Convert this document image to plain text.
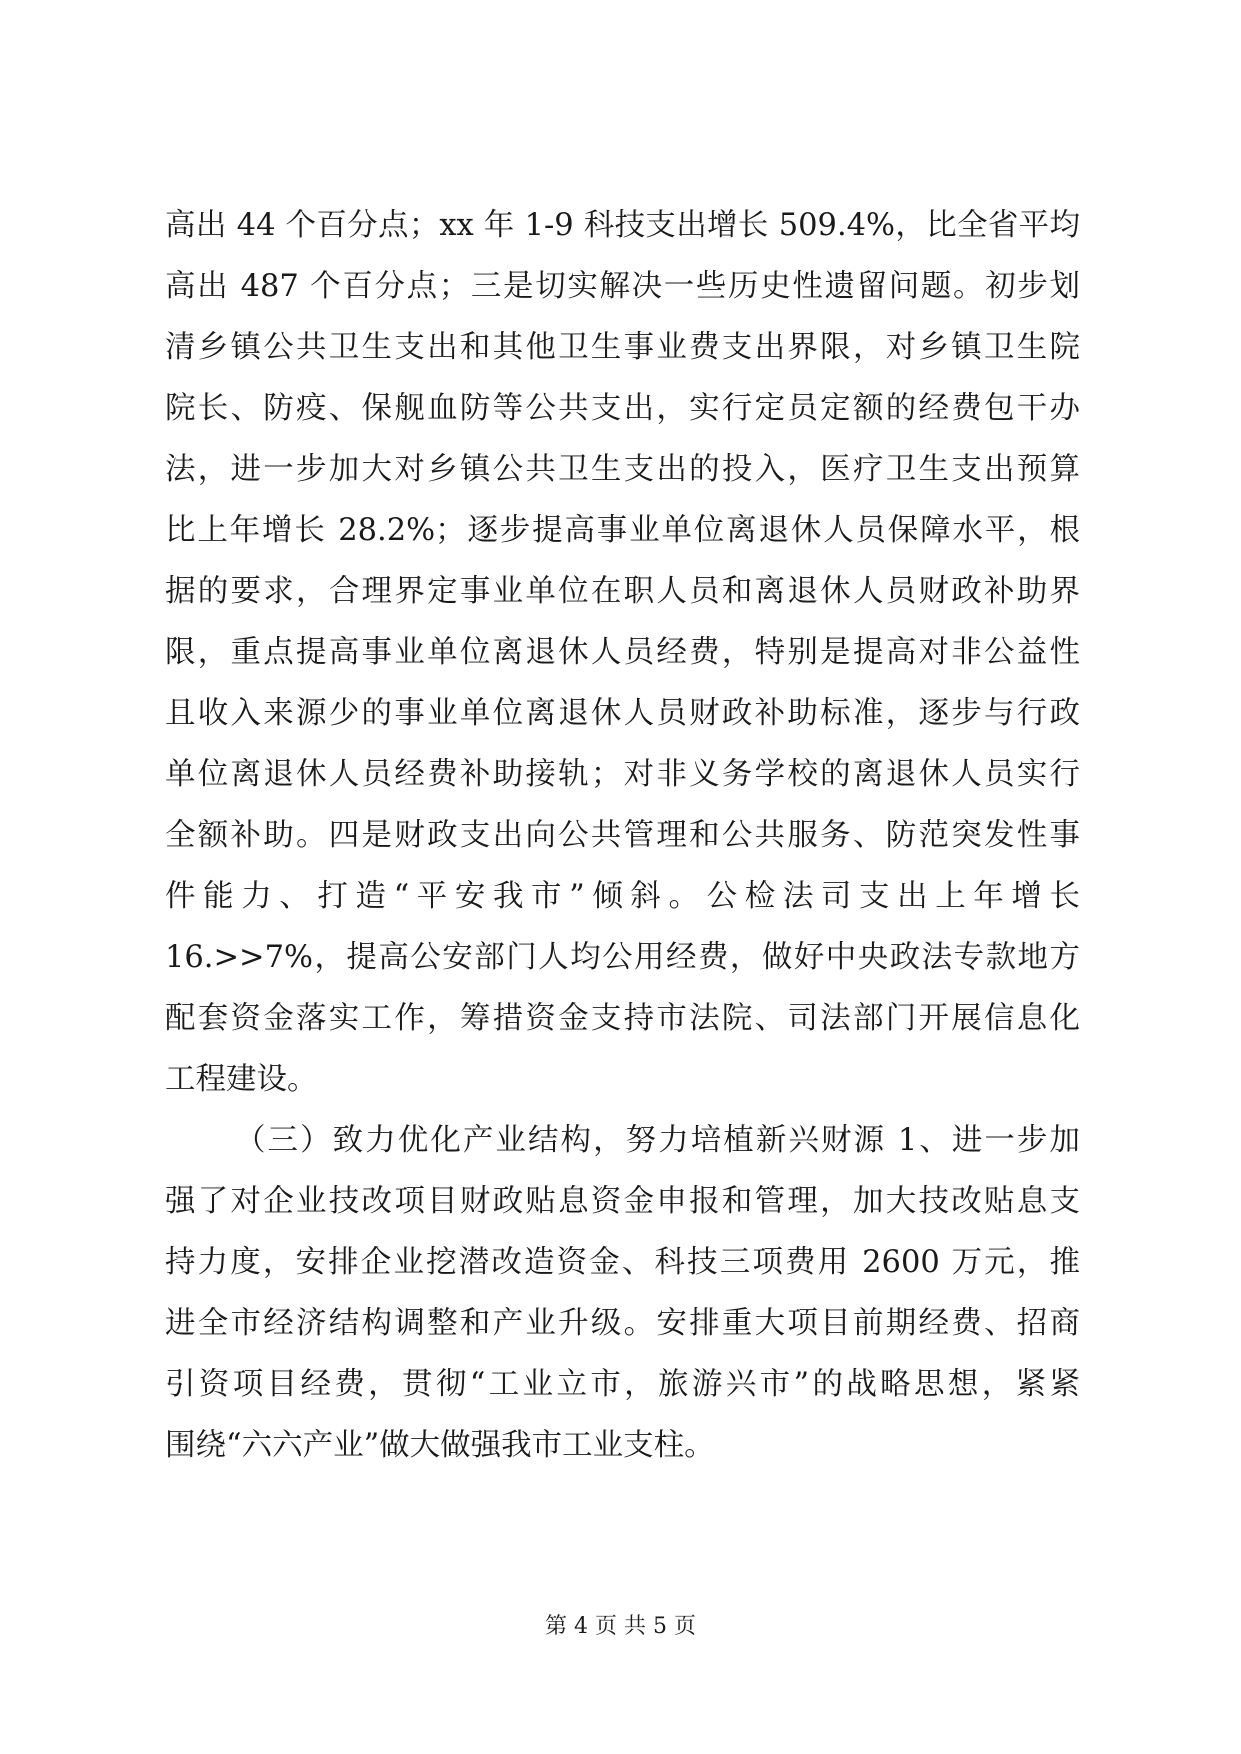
高出 44 个百分点；xx 年 1-9 科技支出增长 509.4%，比全省平均
高出 487 个百分点；三是切实解决一些历史性遗留问题。初步划
清乡镇公共卫生支出和其他卫生事业费支出界限，对乡镇卫生院
院长、防疫、保舰血防等公共支出，实行定员定额的经费包干办
法，进一步加大对乡镇公共卫生支出的投入，医疗卫生支出预算
比上年增长 28.2%；逐步提高事业单位离退休人员保障水平，根
据的要求，合理界定事业单位在职人员和离退休人员财政补助界
限，重点提高事业单位离退休人员经费，特别是提高对非公益性
且收入来源少的事业单位离退休人员财政补助标准，逐步与行政
单位离退休人员经费补助接轨；对非义务学校的离退休人员实行
全额补助。四是财政支出向公共管理和公共服务、防范突发性事
件能力、打造“平安我市”倾斜。公检法司支出上年增长
16.>>7%，提高公安部门人均公用经费，做好中央政法专款地方
配套资金落实工作，筹措资金支持市法院、司法部门开展信息化
工程建设。
（三）致力优化产业结构，努力培植新兴财源 1、进一步加
强了对企业技改项目财政贴息资金申报和管理，加大技改贴息支
持力度，安排企业挖潜改造资金、科技三项费用 2600 万元，推
进全市经济结构调整和产业升级。安排重大项目前期经费、招商
引资项目经费，贯彻“工业立市，旅游兴市”的战略思想，紧紧
围绕“六六产业”做大做强我市工业支柱。
第 4 页 共 5 页
